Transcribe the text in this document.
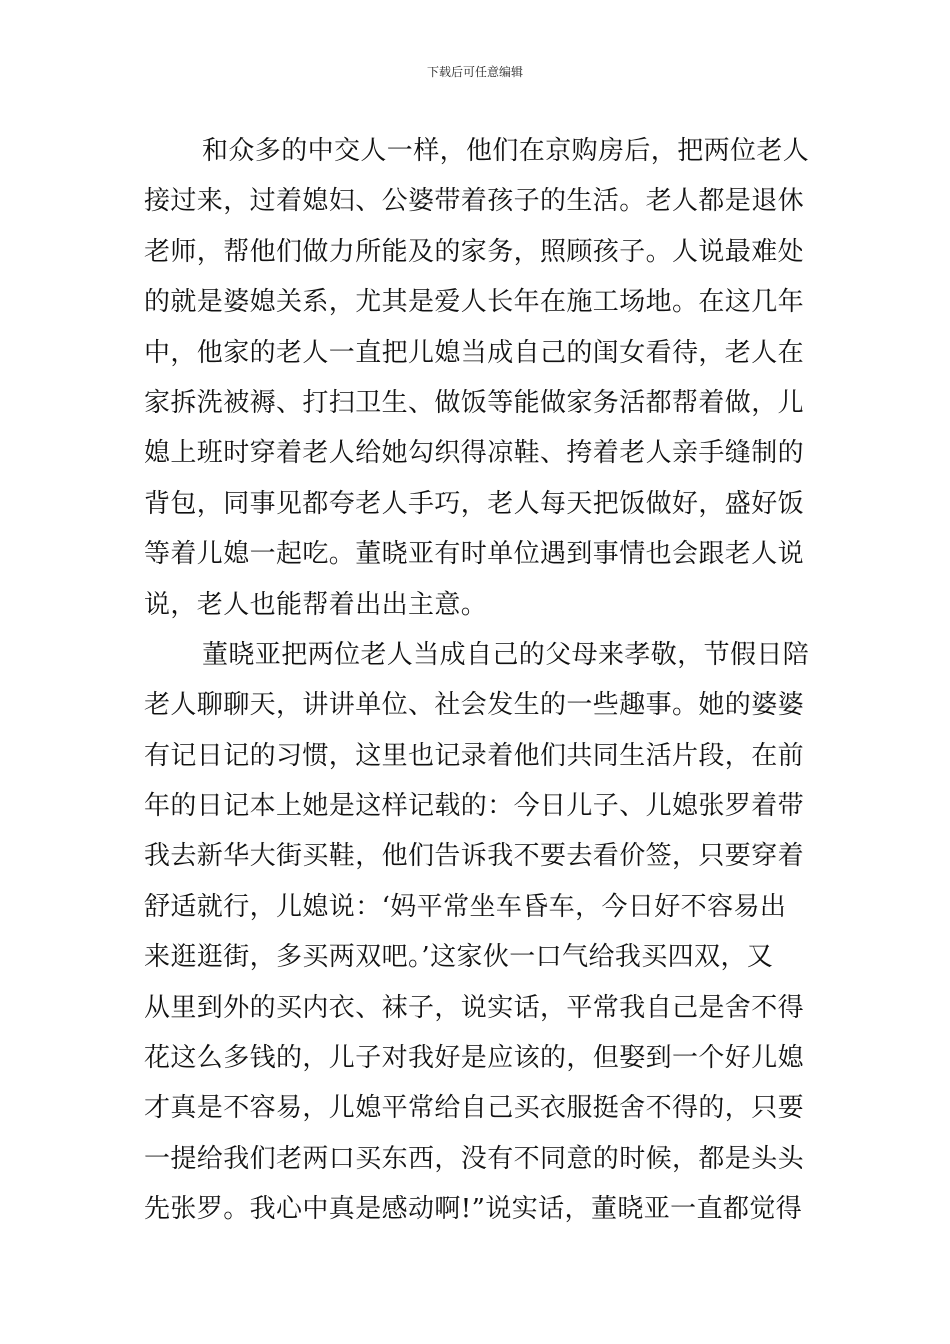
下载后可任意编辑
和众多的中交人一样，他们在京购房后，把两位老人
接过来，过着媳妇、公婆带着孩子的生活。老人都是退休
老师，帮他们做力所能及的家务，照顾孩子。人说最难处
的就是婆媳关系，尤其是爱人长年在施工场地。在这几年
中，他家的老人一直把儿媳当成自己的闺女看待，老人在
家拆洗被褥、打扫卫生、做饭等能做家务活都帮着做，儿
媳上班时穿着老人给她勾织得凉鞋、挎着老人亲手缝制的
背包，同事见都夸老人手巧，老人每天把饭做好，盛好饭
等着儿媳一起吃。董晓亚有时单位遇到事情也会跟老人说
说，老人也能帮着出出主意。
董晓亚把两位老人当成自己的父母来孝敬，节假日陪
老人聊聊天，讲讲单位、社会发生的一些趣事。她的婆婆
有记日记的习惯，这里也记录着他们共同生活片段，在前
年的日记本上她是这样记载的：今日儿子、儿媳张罗着带
我去新华大街买鞋，他们告诉我不要去看价签，只要穿着
舒适就行，儿媳说：‘妈平常坐车昏车，今日好不容易出
来逛逛街，多买两双吧。’这家伙一口气给我买四双，又
从里到外的买内衣、袜子，说实话，平常我自己是舍不得
花这么多钱的，儿子对我好是应该的，但娶到一个好儿媳
才真是不容易，儿媳平常给自己买衣服挺舍不得的，只要
一提给我们老两口买东西，没有不同意的时候，都是头头
先张罗。我心中真是感动啊!”说实话，董晓亚一直都觉得
